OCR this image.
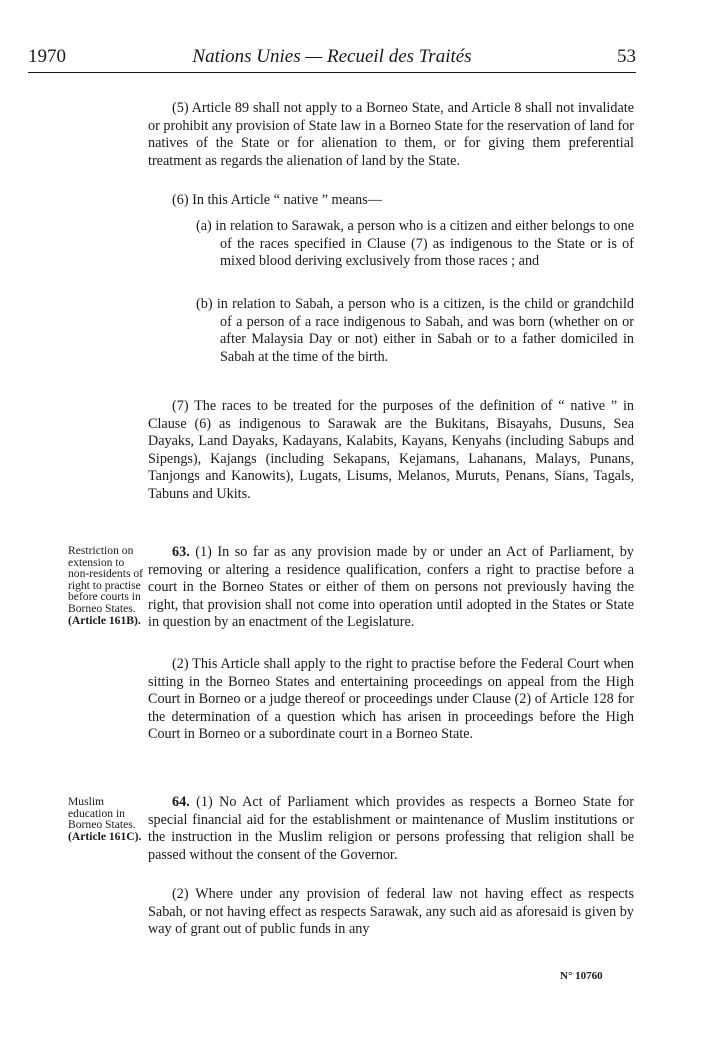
1970	Nations Unies — Recueil des Traités	53

(5) Article 89 shall not apply to a Borneo State, and Article 8 shall not invalidate or prohibit any provision of State law in a Borneo State for the reservation of land for natives of the State or for alienation to them, or for giving them preferential treatment as regards the alienation of land by the State.

(6) In this Article “ native ” means—

(a) in relation to Sarawak, a person who is a citizen and either belongs to one of the races specified in Clause (7) as indigenous to the State or is of mixed blood deriving exclusively from those races ; and

(b) in relation to Sabah, a person who is a citizen, is the child or grandchild of a person of a race indigenous to Sabah, and was born (whether on or after Malaysia Day or not) either in Sabah or to a father domiciled in Sabah at the time of the birth.

(7) The races to be treated for the purposes of the definition of “ native ” in Clause (6) as indigenous to Sarawak are the Bukitans, Bisayahs, Dusuns, Sea Dayaks, Land Dayaks, Kadayans, Kalabits, Kayans, Kenyahs (including Sabups and Sipengs), Kajangs (including Sekapans, Kejamans, Lahanans, Malays, Punans, Tanjongs and Kanowits), Lugats, Lisums, Melanos, Muruts, Penans, Sians, Tagals, Tabuns and Ukits.

Restriction on extension to non-residents of right to practise before courts in Borneo States.
(Article 161B).

63. (1) In so far as any provision made by or under an Act of Parliament, by removing or altering a residence qualification, confers a right to practise before a court in the Borneo States or either of them on persons not previously having the right, that provision shall not come into operation until adopted in the States or State in question by an enactment of the Legislature.

(2) This Article shall apply to the right to practise before the Federal Court when sitting in the Borneo States and entertaining proceedings on appeal from the High Court in Borneo or a judge thereof or proceedings under Clause (2) of Article 128 for the determination of a question which has arisen in proceedings before the High Court in Borneo or a subordinate court in a Borneo State.

Muslim education in Borneo States.
(Article 161C).

64. (1) No Act of Parliament which provides as respects a Borneo State for special financial aid for the establishment or maintenance of Muslim institutions or the instruction in the Muslim religion or persons professing that religion shall be passed without the consent of the Governor.

(2) Where under any provision of federal law not having effect as respects Sabah, or not having effect as respects Sarawak, any such aid as aforesaid is given by way of grant out of public funds in any

N° 10760
